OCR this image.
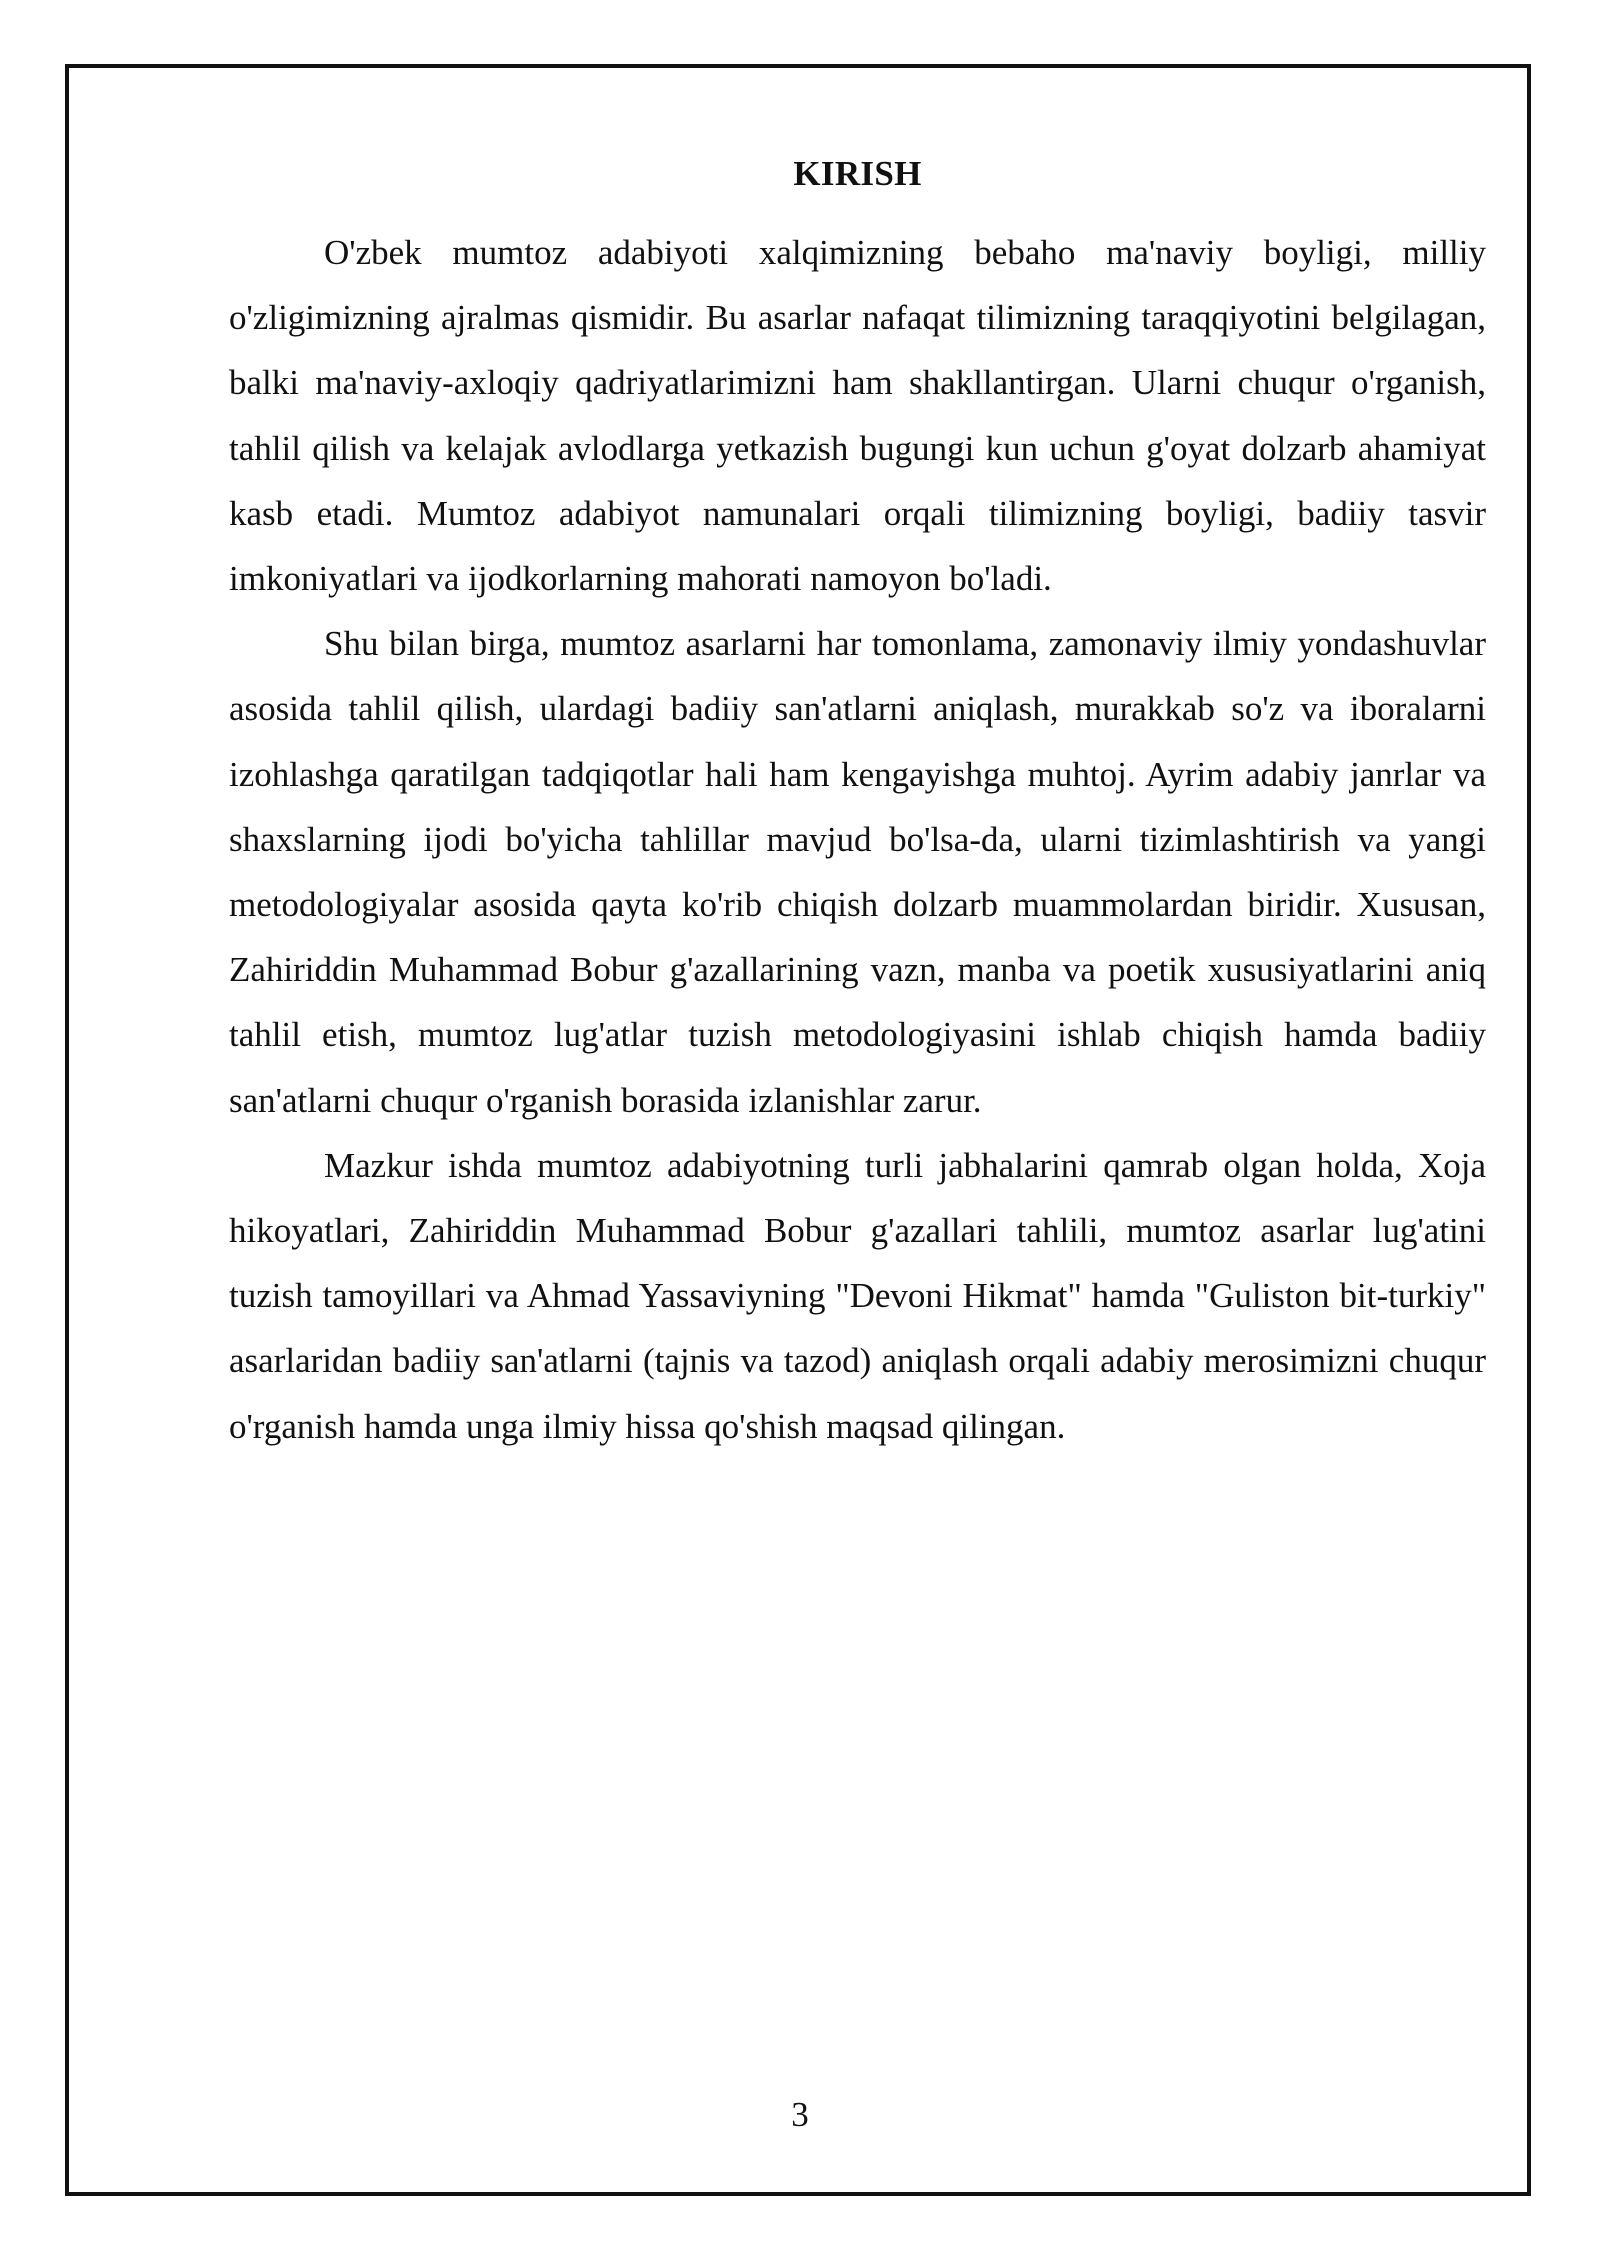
KIRISH

O'zbek mumtoz adabiyoti xalqimizning bebaho ma'naviy boyligi, milliy o'zligimizning ajralmas qismidir. Bu asarlar nafaqat tilimizning taraqqiyotini belgilagan, balki ma'naviy-axloqiy qadriyatlarimizni ham shakllantirgan. Ularni chuqur o'rganish, tahlil qilish va kelajak avlodlarga yetkazish bugungi kun uchun g'oyat dolzarb ahamiyat kasb etadi. Mumtoz adabiyot namunalari orqali tilimizning boyligi, badiiy tasvir imkoniyatlari va ijodkorlarning mahorati namoyon bo'ladi.

Shu bilan birga, mumtoz asarlarni har tomonlama, zamonaviy ilmiy yondashuvlar asosida tahlil qilish, ulardagi badiiy san'atlarni aniqlash, murakkab so'z va iboralarni izohlashga qaratilgan tadqiqotlar hali ham kengayishga muhtoj. Ayrim adabiy janrlar va shaxslarning ijodi bo'yicha tahlillar mavjud bo'lsa-da, ularni tizimlashtirish va yangi metodologiyalar asosida qayta ko'rib chiqish dolzarb muammolardan biridir. Xususan, Zahiriddin Muhammad Bobur g'azallarining vazn, manba va poetik xususiyatlarini aniq tahlil etish, mumtoz lug'atlar tuzish metodologiyasini ishlab chiqish hamda badiiy san'atlarni chuqur o'rganish borasida izlanishlar zarur.

Mazkur ishda mumtoz adabiyotning turli jabhalarini qamrab olgan holda, Xoja hikoyatlari, Zahiriddin Muhammad Bobur g'azallari tahlili, mumtoz asarlar lug'atini tuzish tamoyillari va Ahmad Yassaviyning "Devoni Hikmat" hamda "Guliston bit-turkiy" asarlaridan badiiy san'atlarni (tajnis va tazod) aniqlash orqali adabiy merosimizni chuqur o'rganish hamda unga ilmiy hissa qo'shish maqsad qilingan.

3
